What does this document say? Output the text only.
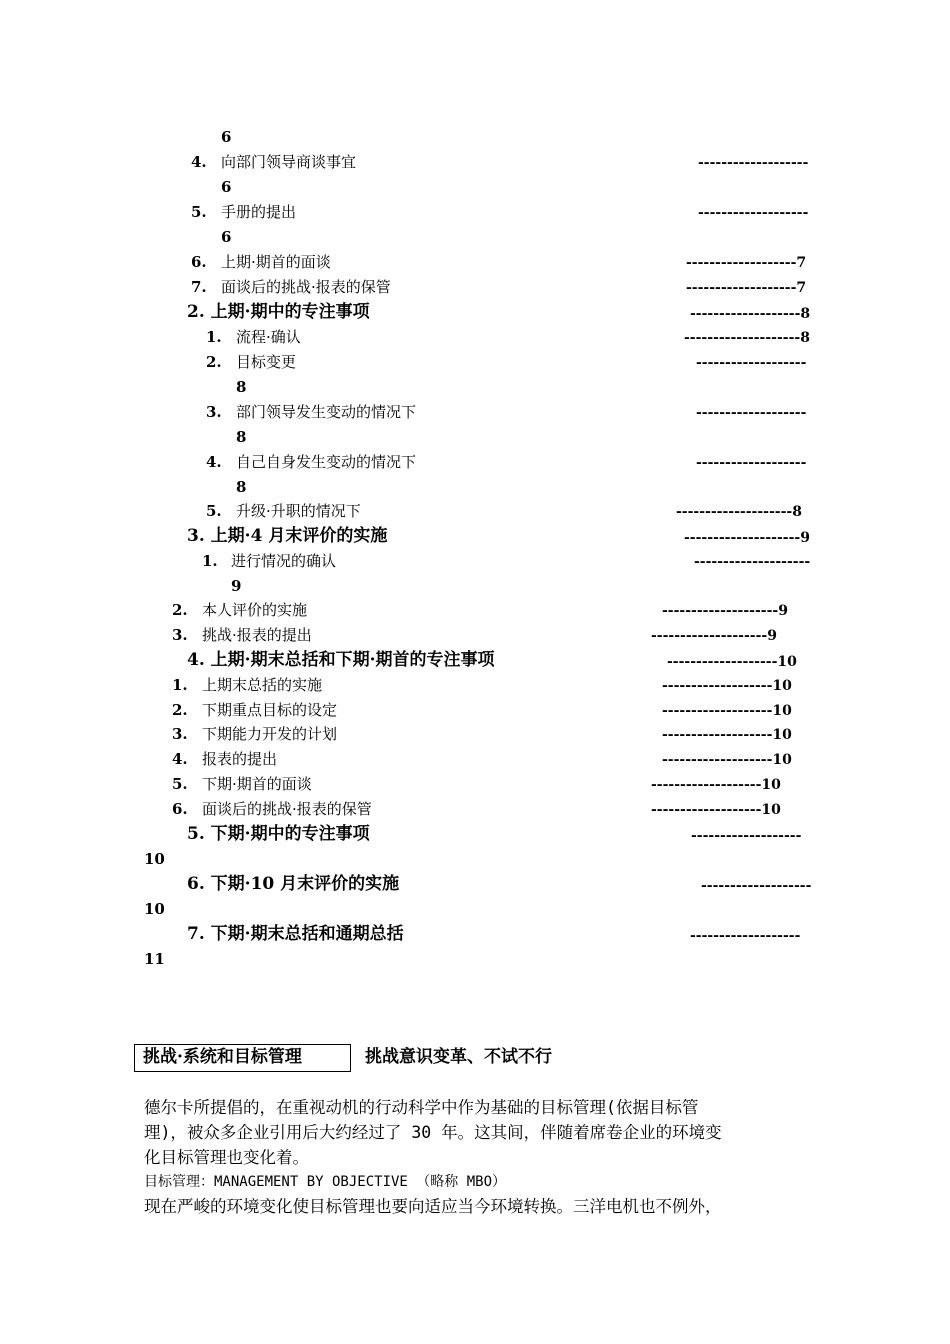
6
4. 向部门领导商谈事宜	-------------------
6
5. 手册的提出	-------------------
6
6. 上期·期首的面谈	-------------------7
7. 面谈后的挑战·报表的保管	-------------------7
2. 上期·期中的专注事项	-------------------8
1. 流程·确认	--------------------8
2. 目标变更	-------------------
8
3. 部门领导发生变动的情况下	-------------------
8
4. 自己自身发生变动的情况下	-------------------
8
5. 升级·升职的情况下	--------------------8
3. 上期·4 月末评价的实施	--------------------9
1. 进行情况的确认	--------------------
9
2. 本人评价的实施	--------------------9
3. 挑战·报表的提出	--------------------9
4. 上期·期末总括和下期·期首的专注事项	-------------------10
1. 上期末总括的实施	-------------------10
2. 下期重点目标的设定	-------------------10
3. 下期能力开发的计划	-------------------10
4. 报表的提出	-------------------10
5. 下期·期首的面谈	-------------------10
6. 面谈后的挑战·报表的保管	-------------------10
5. 下期·期中的专注事项	-------------------
10
6. 下期·10 月末评价的实施	-------------------
10
7. 下期·期末总括和通期总括	-------------------
11
挑战·系统和目标管理	挑战意识变革、不试不行
德尔卡所提倡的，在重视动机的行动科学中作为基础的目标管理(依据目标管
理)，被众多企业引用后大约经过了 30 年。这其间，伴随着席卷企业的环境变
化目标管理也变化着。
目标管理：MANAGEMENT BY OBJECTIVE （略称 MBO）
现在严峻的环境变化使目标管理也要向适应当今环境转换。三洋电机也不例外，
